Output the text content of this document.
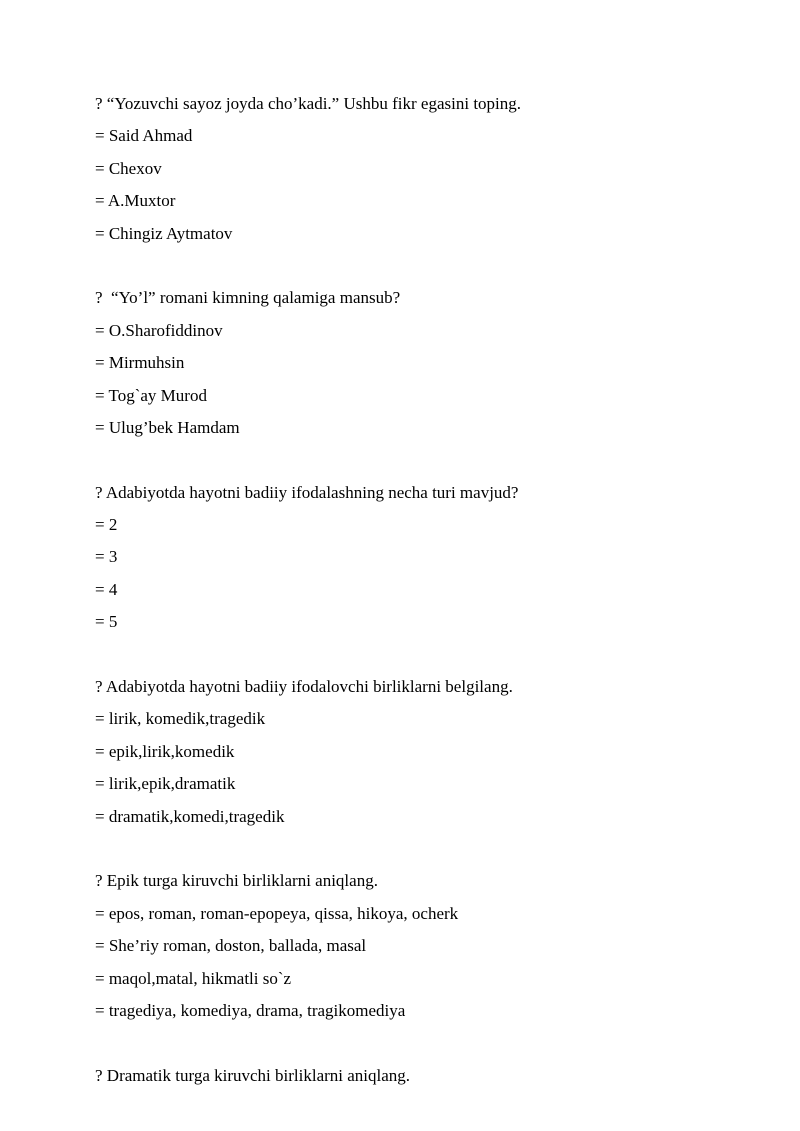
? “Yozuvchi sayoz joyda cho’kadi.” Ushbu fikr egasini toping.
= Said Ahmad
= Chexov
= A.Muxtor
= Chingiz Aytmatov
?  “Yo’l” romani kimning qalamiga mansub?
= O.Sharofiddinov
= Mirmuhsin
= Tog`ay Murod
= Ulug’bek Hamdam
? Adabiyotda hayotni badiiy ifodalashning necha turi mavjud?
= 2
= 3
= 4
= 5
? Adabiyotda hayotni badiiy ifodalovchi birliklarni belgilang.
= lirik, komedik,tragedik
= epik,lirik,komedik
= lirik,epik,dramatik
= dramatik,komedi,tragedik
? Epik turga kiruvchi birliklarni aniqlang.
= epos, roman, roman-epopeya, qissa, hikoya, ocherk
= She’riy roman, doston, ballada, masal
= maqol,matal, hikmatli so`z
= tragediya, komediya, drama, tragikomediya
? Dramatik turga kiruvchi birliklarni aniqlang.
